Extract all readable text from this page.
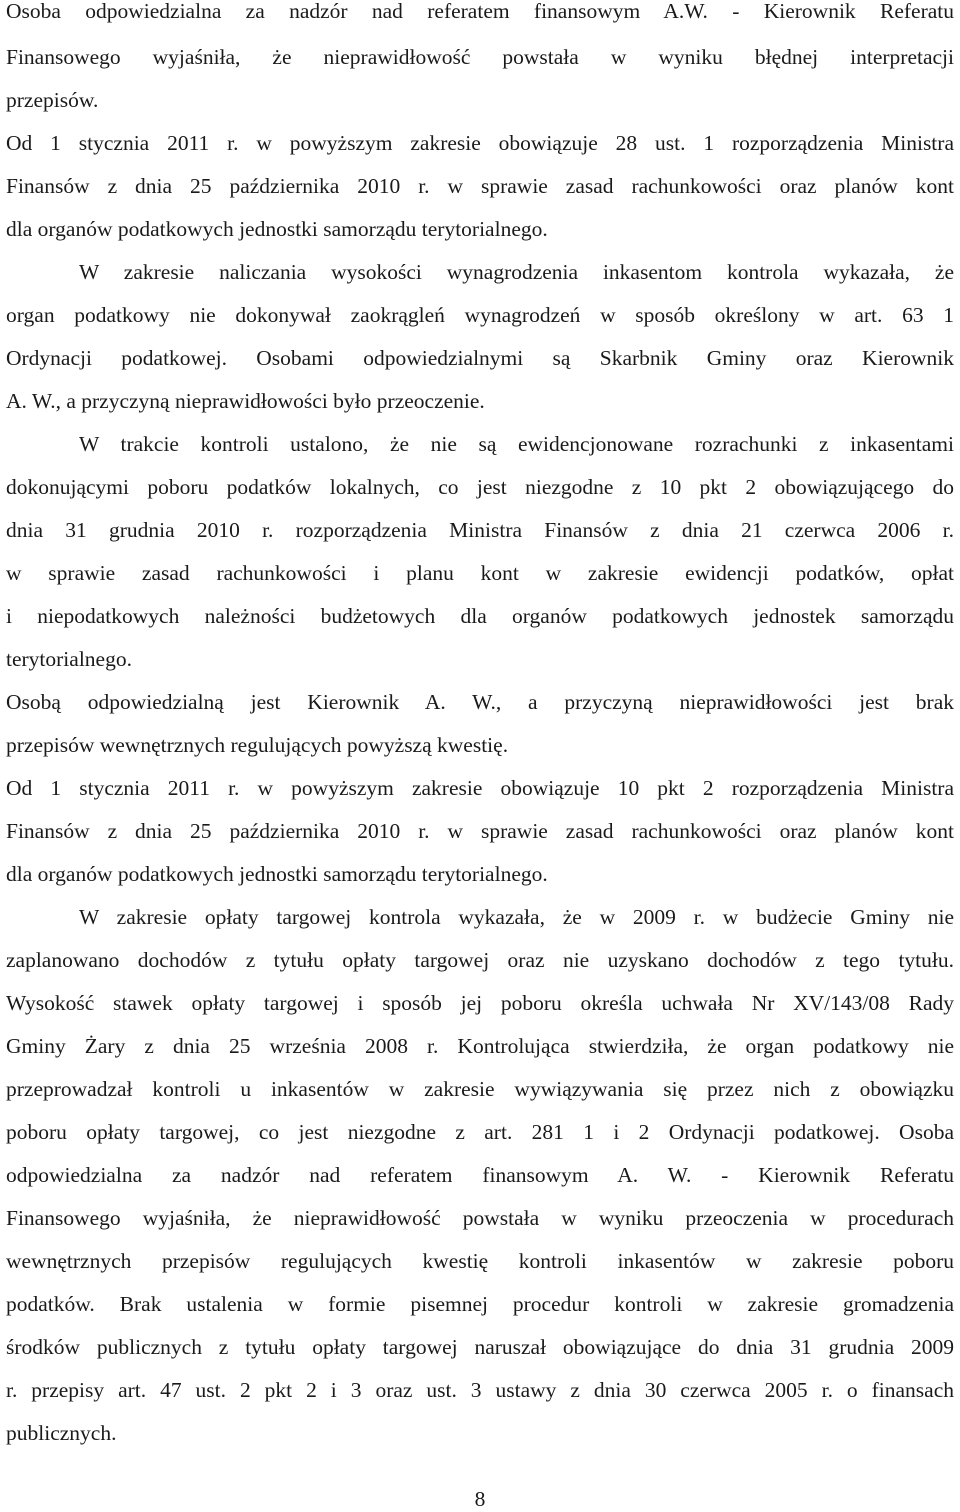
Osoba odpowiedzialna za nadzór nad referatem finansowym A.W. - Kierownik Referatu
Finansowego wyjaśniła, że nieprawidłowość powstała w wyniku błędnej interpretacji
przepisów.
Od 1 stycznia 2011 r. w powyższym zakresie obowiązuje 28 ust. 1 rozporządzenia Ministra
Finansów z dnia 25 października 2010 r. w sprawie zasad rachunkowości oraz planów kont
dla organów podatkowych jednostki samorządu terytorialnego.
W zakresie naliczania wysokości wynagrodzenia inkasentom kontrola wykazała, że
organ podatkowy nie dokonywał zaokrągleń wynagrodzeń w sposób określony w art. 63 1
Ordynacji podatkowej. Osobami odpowiedzialnymi są Skarbnik Gminy oraz Kierownik
A. W., a przyczyną nieprawidłowości było przeoczenie.
W trakcie kontroli ustalono, że nie są ewidencjonowane rozrachunki z inkasentami
dokonującymi poboru podatków lokalnych, co jest niezgodne z 10 pkt 2 obowiązującego do
dnia 31 grudnia 2010 r. rozporządzenia Ministra Finansów z dnia 21 czerwca 2006 r.
w sprawie zasad rachunkowości i planu kont w zakresie ewidencji podatków, opłat
i niepodatkowych należności budżetowych dla organów podatkowych jednostek samorządu
terytorialnego.
Osobą odpowiedzialną jest Kierownik A. W., a przyczyną nieprawidłowości jest brak
przepisów wewnętrznych regulujących powyższą kwestię.
Od 1 stycznia 2011 r. w powyższym zakresie obowiązuje 10 pkt 2 rozporządzenia Ministra
Finansów z dnia 25 października 2010 r. w sprawie zasad rachunkowości oraz planów kont
dla organów podatkowych jednostki samorządu terytorialnego.
W zakresie opłaty targowej kontrola wykazała, że w 2009 r. w budżecie Gminy nie
zaplanowano dochodów z tytułu opłaty targowej oraz nie uzyskano dochodów z tego tytułu.
Wysokość stawek opłaty targowej i sposób jej poboru określa uchwała Nr XV/143/08 Rady
Gminy Żary z dnia 25 września 2008 r. Kontrolująca stwierdziła, że organ podatkowy nie
przeprowadzał kontroli u inkasentów w zakresie wywiązywania się przez nich z obowiązku
poboru opłaty targowej, co jest niezgodne z art. 281 1 i 2 Ordynacji podatkowej. Osoba
odpowiedzialna za nadzór nad referatem finansowym A. W. - Kierownik Referatu
Finansowego wyjaśniła, że nieprawidłowość powstała w wyniku przeoczenia w procedurach
wewnętrznych przepisów regulujących kwestię kontroli inkasentów w zakresie poboru
podatków. Brak ustalenia w formie pisemnej procedur kontroli w zakresie gromadzenia
środków publicznych z tytułu opłaty targowej naruszał obowiązujące do dnia 31 grudnia 2009
r. przepisy art. 47 ust. 2 pkt 2 i 3 oraz ust. 3 ustawy z dnia 30 czerwca 2005 r. o finansach
publicznych.
8
